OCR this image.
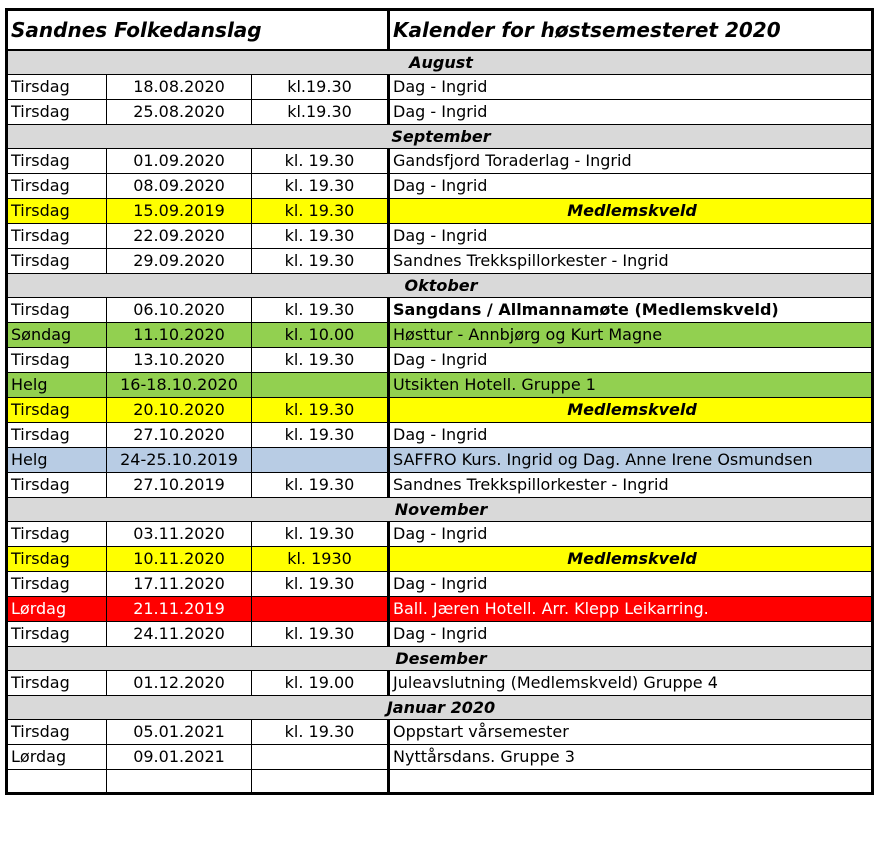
Sandnes Folkedanslag			Kalender for høstsemesteret 2020
August			
Tirsdag	18.08.2020	kl.19.30	Dag - Ingrid
Tirsdag	25.08.2020	kl.19.30	Dag - Ingrid
September			
Tirsdag	01.09.2020	kl. 19.30	Gandsfjord Toraderlag - Ingrid
Tirsdag	08.09.2020	kl. 19.30	Dag - Ingrid
Tirsdag	15.09.2019	kl. 19.30	Medlemskveld
Tirsdag	22.09.2020	kl. 19.30	Dag - Ingrid
Tirsdag	29.09.2020	kl. 19.30	Sandnes Trekkspillorkester - Ingrid
Oktober			
Tirsdag	06.10.2020	kl. 19.30	Sangdans / Allmannamøte (Medlemskveld)
Søndag	11.10.2020	kl. 10.00	Høsttur - Annbjørg og Kurt Magne
Tirsdag	13.10.2020	kl. 19.30	Dag - Ingrid
Helg	16-18.10.2020		Utsikten Hotell. Gruppe 1
Tirsdag	20.10.2020	kl. 19.30	Medlemskveld
Tirsdag	27.10.2020	kl. 19.30	Dag - Ingrid
Helg	24-25.10.2019		SAFFRO Kurs. Ingrid og Dag. Anne Irene Osmundsen
Tirsdag	27.10.2019	kl. 19.30	Sandnes Trekkspillorkester - Ingrid
November			
Tirsdag	03.11.2020	kl. 19.30	Dag - Ingrid
Tirsdag	10.11.2020	kl. 1930	Medlemskveld
Tirsdag	17.11.2020	kl. 19.30	Dag - Ingrid
Lørdag	21.11.2019		Ball. Jæren Hotell. Arr. Klepp Leikarring.
Tirsdag	24.11.2020	kl. 19.30	Dag - Ingrid
Desember			
Tirsdag	01.12.2020	kl. 19.00	Juleavslutning (Medlemskveld) Gruppe 4
Januar 2020			
Tirsdag	05.01.2021	kl. 19.30	Oppstart vårsemester
Lørdag	09.01.2021		Nyttårsdans. Gruppe 3
